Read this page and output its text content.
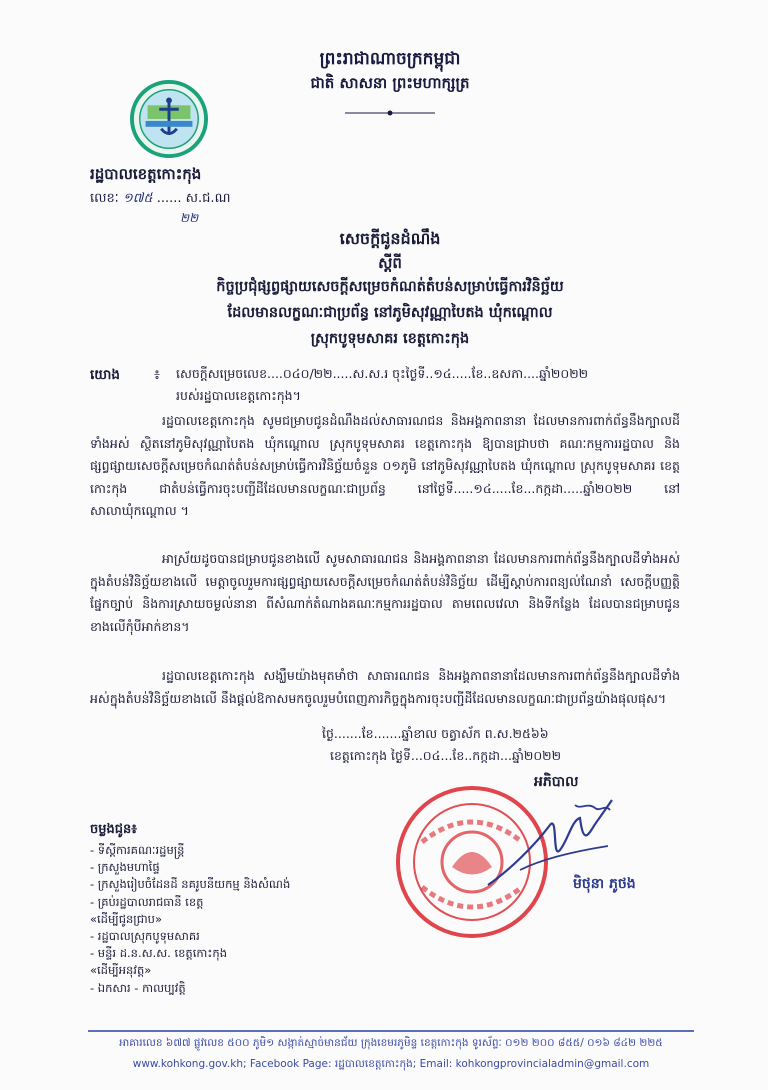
ព្រះរាជាណាចក្រកម្ពុជា
ជាតិ សាសនា ព្រះមហាក្សត្រ
រដ្ឋបាលខេត្តកោះកុង
លេខៈ ១៧៥ ...... ស.ជ.ណ
២២
សេចក្តីជូនដំណឹង
ស្តីពី
កិច្ចប្រជុំផ្សព្វផ្សាយសេចក្តីសម្រេចកំណត់តំបន់សម្រាប់ធ្វើការវិនិច្ឆ័យ
ដែលមានលក្ខណៈជាប្រព័ន្ធ នៅភូមិសុវណ្ណាបៃតង ឃុំកណ្តោល
ស្រុកបូទុមសាគរ ខេត្តកោះកុង
យោង	៖ សេចក្តីសម្រេចលេខ....០៤០/២២.....ស.ស.រ ចុះថ្ងៃទី..១៤.....ខែ..ឧសភា....ឆ្នាំ២០២២
របស់រដ្ឋបាលខេត្តកោះកុង។
រដ្ឋបាលខេត្តកោះកុង សូមជម្រាបជូនដំណឹងដល់សាធារណជន និងអង្គភាពនានា ដែលមានការពាក់ព័ន្ធនឹងក្បាលដីទាំងអស់ ស្ថិតនៅភូមិសុវណ្ណាបៃតង ឃុំកណ្តោល ស្រុកបូទុមសាគរ ខេត្តកោះកុង ឱ្យបានជ្រាបថា គណៈកម្មការរដ្ឋបាល និងផ្សព្វផ្សាយសេចក្តីសម្រេចកំណត់តំបន់សម្រាប់ធ្វើការវិនិច្ឆ័យចំនួន ០១ភូមិ នៅភូមិសុវណ្ណាបៃតង ឃុំកណ្តោល ស្រុកបូទុមសាគរ ខេត្តកោះកុង ជាតំបន់ធ្វើការចុះបញ្ជីដីដែលមានលក្ខណៈជាប្រព័ន្ធ នៅថ្ងៃទី.....១៤.....ខែ...កក្កដា.....ឆ្នាំ២០២២ នៅសាលាឃុំកណ្តោល ។
អាស្រ័យដូចបានជម្រាបជូនខាងលើ សូមសាធារណជន និងអង្គភាពនានា ដែលមានការពាក់ព័ន្ធនឹងក្បាលដីទាំងអស់ក្នុងតំបន់វិនិច្ឆ័យខាងលើ មេត្តាចូលរួមការផ្សព្វផ្សាយសេចក្តីសម្រេចកំណត់តំបន់វិនិច្ឆ័យ ដើម្បីស្តាប់ការពន្យល់ណែនាំ សេចក្តីបញ្ញត្តិផ្នែកច្បាប់ និងការស្រាយចម្ងល់នានា ពីសំណាក់តំណាងគណៈកម្មការរដ្ឋបាល តាមពេលវេលា និងទីកន្លែង ដែលបានជម្រាបជូនខាងលើកុំបីអាក់ខាន។
រដ្ឋបាលខេត្តកោះកុង សង្ឃឹមយ៉ាងមុតមាំថា សាធារណជន និងអង្គភាពនានាដែលមានការពាក់ព័ន្ធនឹងក្បាលដីទាំងអស់ក្នុងតំបន់វិនិច្ឆ័យខាងលើ នឹងផ្តល់ឱកាសមកចូលរួមបំពេញភារកិច្ចក្នុងការចុះបញ្ជីដីដែលមានលក្ខណៈជាប្រព័ន្ធយ៉ាងផុលផុស។
ថ្ងៃ.......ខែ.......ឆ្នាំខាល ចត្វាស័ក ព.ស.២៥៦៦
ខេត្តកោះកុង ថ្ងៃទី...០៤...ខែ..កក្កដា...ឆ្នាំ២០២២
អភិបាល
មិថុនា ភូថង
ចម្លងជូន៖
- ទីស្តីការគណៈរដ្ឋមន្ត្រី
- ក្រសួងមហាផ្ទៃ
- ក្រសួងរៀបចំដែនដី នគរូបនីយកម្ម និងសំណង់
- គ្រប់រដ្ឋបាលរាជធានី ខេត្ត
«ដើម្បីជូនជ្រាប»
- រដ្ឋបាលស្រុកបូទុមសាគរ
- មន្ទីរ ដ.ន.ស.ស. ខេត្តកោះកុង
«ដើម្បីអនុវត្ត»
- ឯកសារ - កាលប្បវត្តិ
អាគារលេខ ៦៧៧ ផ្លូវលេខ ៥០០ ភូមិ១ សង្កាត់ស្មាច់មានជ័យ ក្រុងខេមរភូមិន្ទ ខេត្តកោះកុង ទូរស័ព្ទៈ ០១២ ២០០ ៨៥៥/ ០១៦ ៨៤២ ២២៥
www.kohkong.gov.kh; Facebook Page: រដ្ឋបាលខេត្តកោះកុង; Email: kohkongprovincialadmin@gmail.com
